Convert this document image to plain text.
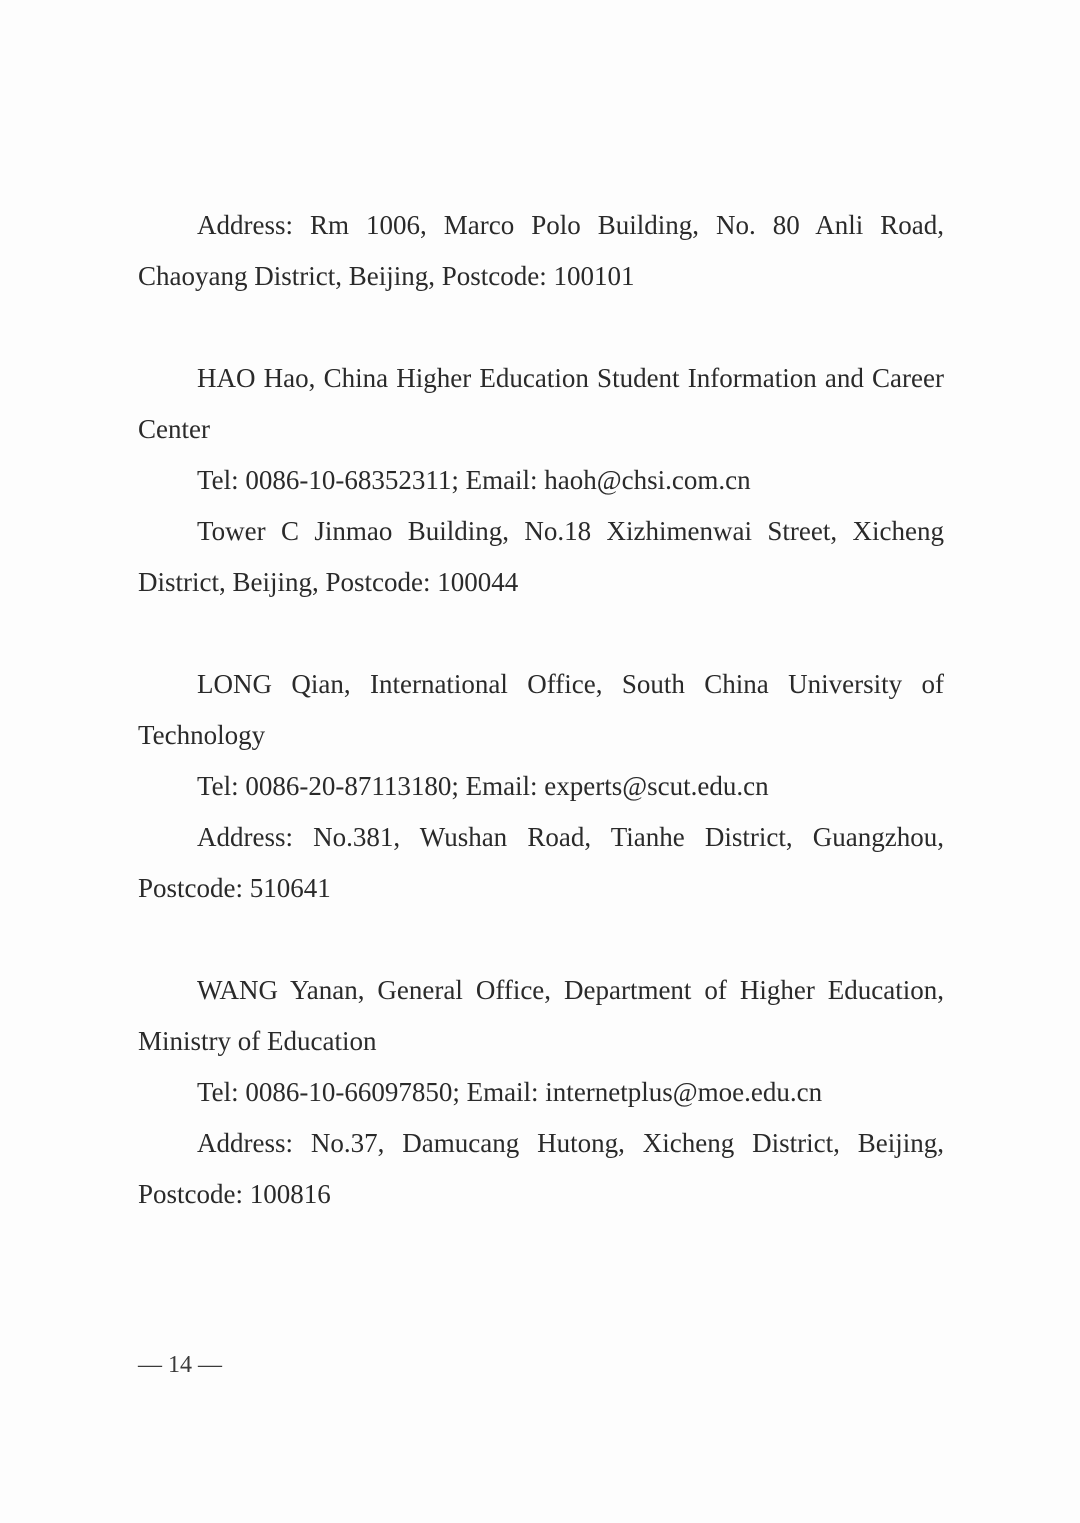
Address: Rm 1006, Marco Polo Building, No. 80 Anli Road, Chaoyang District, Beijing, Postcode: 100101

HAO Hao, China Higher Education Student Information and Career Center

Tel: 0086-10-68352311; Email: haoh@chsi.com.cn

Tower C Jinmao Building, No.18 Xizhimenwai Street, Xicheng District, Beijing, Postcode: 100044

LONG Qian, International Office, South China University of Technology

Tel: 0086-20-87113180; Email: experts@scut.edu.cn

Address: No.381, Wushan Road, Tianhe District, Guangzhou, Postcode: 510641

WANG Yanan, General Office, Department of Higher Education, Ministry of Education

Tel: 0086-10-66097850; Email: internetplus@moe.edu.cn

Address: No.37, Damucang Hutong, Xicheng District, Beijing, Postcode: 100816

— 14 —
